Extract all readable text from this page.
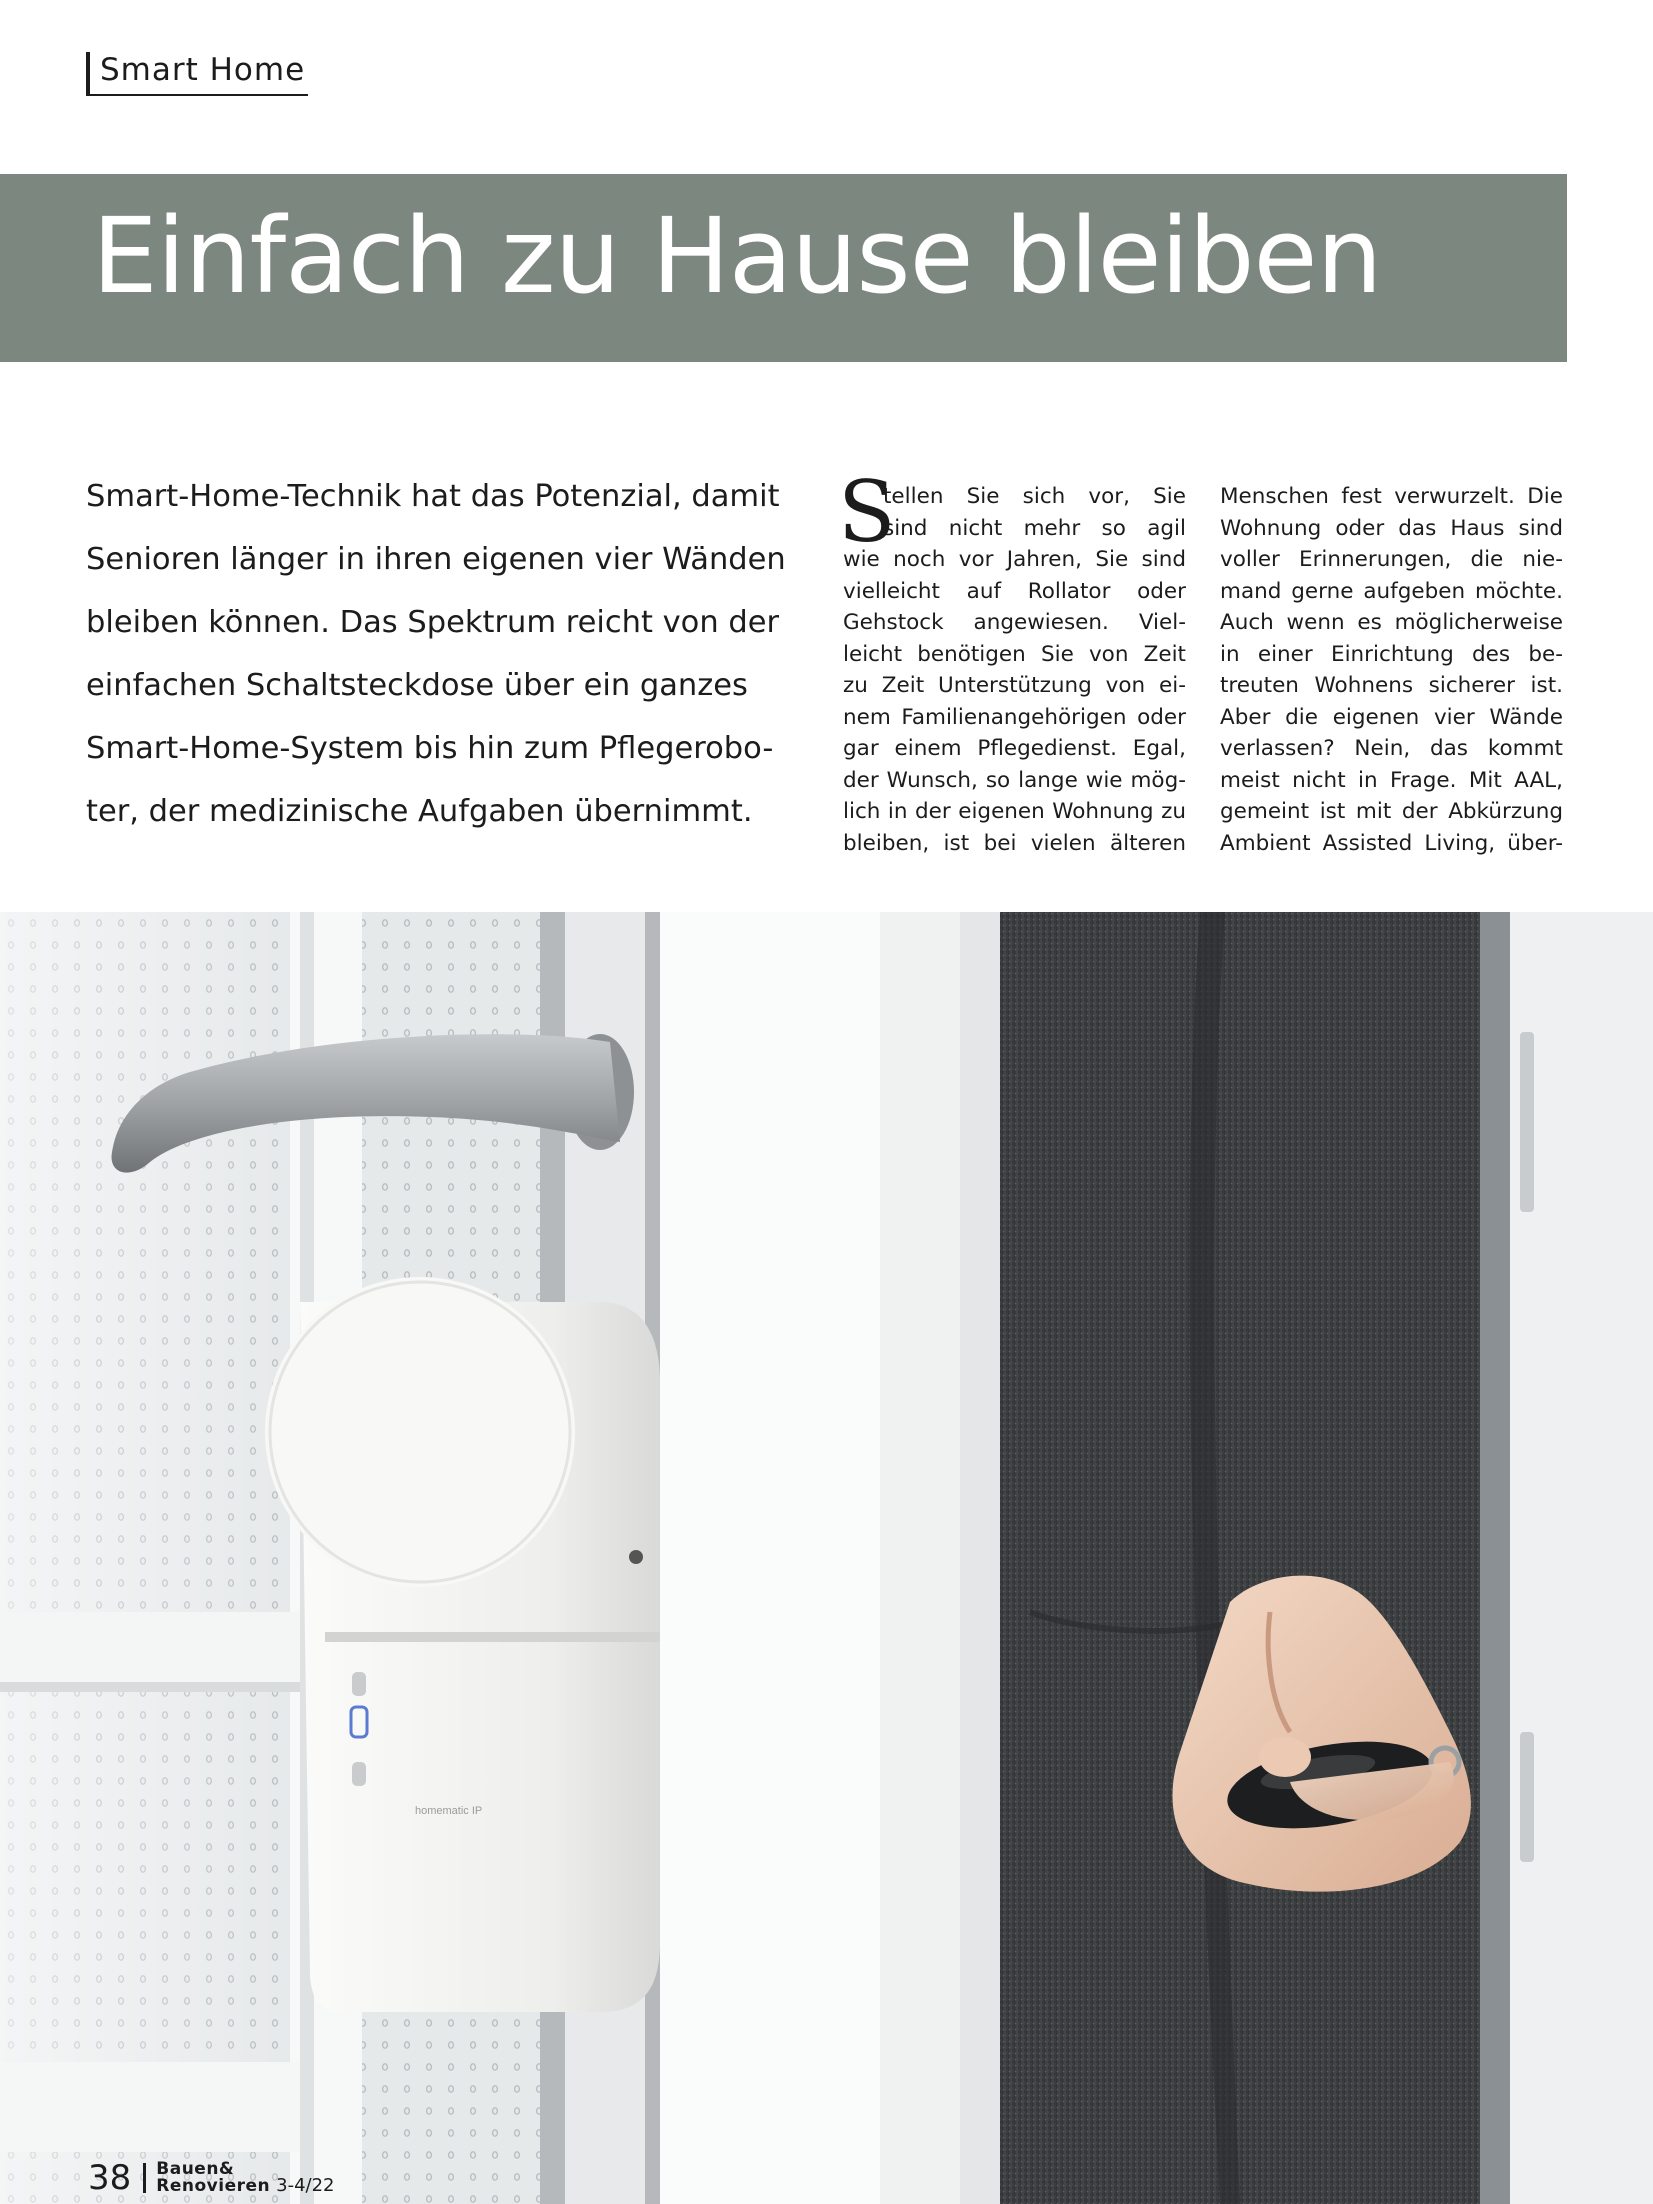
Smart Home
Einfach zu Hause bleiben
Smart-Home-Technik hat das Potenzial, damit
Senioren länger in ihren eigenen vier Wänden
bleiben können. Das Spektrum reicht von der
einfachen Schaltsteckdose über ein ganzes
Smart-Home-System bis hin zum Pflegerobo-
ter, der medizinische Aufgaben übernimmt.
S
tellen Sie sich vor, Sie
sind nicht mehr so agil
wie noch vor Jahren, Sie sind
vielleicht auf Rollator oder
Gehstock angewiesen. Viel-
leicht benötigen Sie von Zeit
zu Zeit Unterstützung von ei-
nem Familienangehörigen oder
gar einem Pflegedienst. Egal,
der Wunsch, so lange wie mög-
lich in der eigenen Wohnung zu
bleiben, ist bei vielen älteren
Menschen fest verwurzelt. Die
Wohnung oder das Haus sind
voller Erinnerungen, die nie-
mand gerne aufgeben möchte.
Auch wenn es möglicherweise
in einer Einrichtung des be-
treuten Wohnens sicherer ist.
Aber die eigenen vier Wände
verlassen? Nein, das kommt
meist nicht in Frage. Mit AAL,
gemeint ist mit der Abkürzung
Ambient Assisted Living, über-
homematic IP
38 Bauen&
Renovieren 3-4/22
